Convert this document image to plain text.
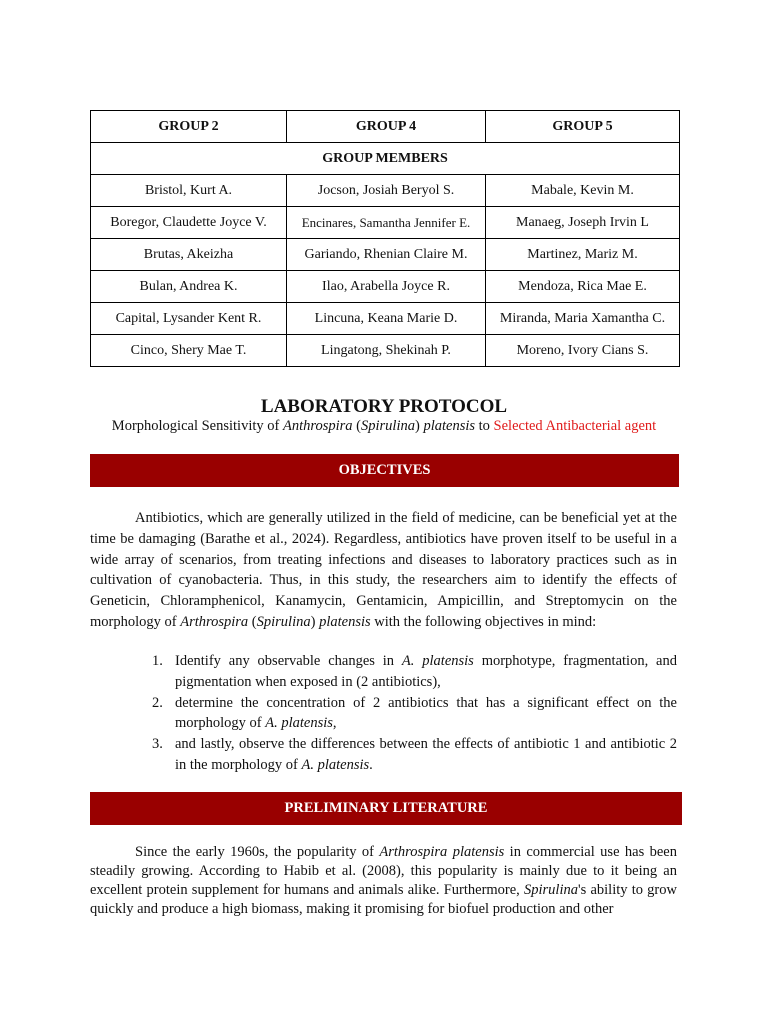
GROUP 2	GROUP 4	GROUP 5
GROUP MEMBERS		
Bristol, Kurt A.	Jocson, Josiah Beryol S.	Mabale, Kevin M.
Boregor, Claudette Joyce V.	Encinares, Samantha Jennifer E.	Manaeg, Joseph Irvin L
Brutas, Akeizha	Gariando, Rhenian Claire M.	Martinez, Mariz M.
Bulan, Andrea K.	Ilao, Arabella Joyce R.	Mendoza, Rica Mae E.
Capital, Lysander Kent R.	Lincuna, Keana Marie D.	Miranda, Maria Xamantha C.
Cinco, Shery Mae T.	Lingatong, Shekinah P.	Moreno, Ivory Cians S.
LABORATORY PROTOCOL
Morphological Sensitivity of Anthrospira (Spirulina) platensis to Selected Antibacterial agent
OBJECTIVES

Antibiotics, which are generally utilized in the field of medicine, can be beneficial yet at the time be damaging (Barathe et al., 2024). Regardless, antibiotics have proven itself to be useful in a wide array of scenarios, from treating infections and diseases to laboratory practices such as in cultivation of cyanobacteria. Thus, in this study, the researchers aim to identify the effects of Geneticin, Chloramphenicol, Kanamycin, Gentamicin, Ampicillin, and Streptomycin on the morphology of Arthrospira (Spirulina) platensis with the following objectives in mind:

1. Identify any observable changes in A. platensis morphotype, fragmentation, and pigmentation when exposed in (2 antibiotics),
2. determine the concentration of 2 antibiotics that has a significant effect on the morphology of A. platensis,
3. and lastly, observe the differences between the effects of antibiotic 1 and antibiotic 2 in the morphology of A. platensis.
PRELIMINARY LITERATURE

Since the early 1960s, the popularity of Arthrospira platensis in commercial use has been steadily growing. According to Habib et al. (2008), this popularity is mainly due to it being an excellent protein supplement for humans and animals alike. Furthermore, Spirulina's ability to grow quickly and produce a high biomass, making it promising for biofuel production and other
